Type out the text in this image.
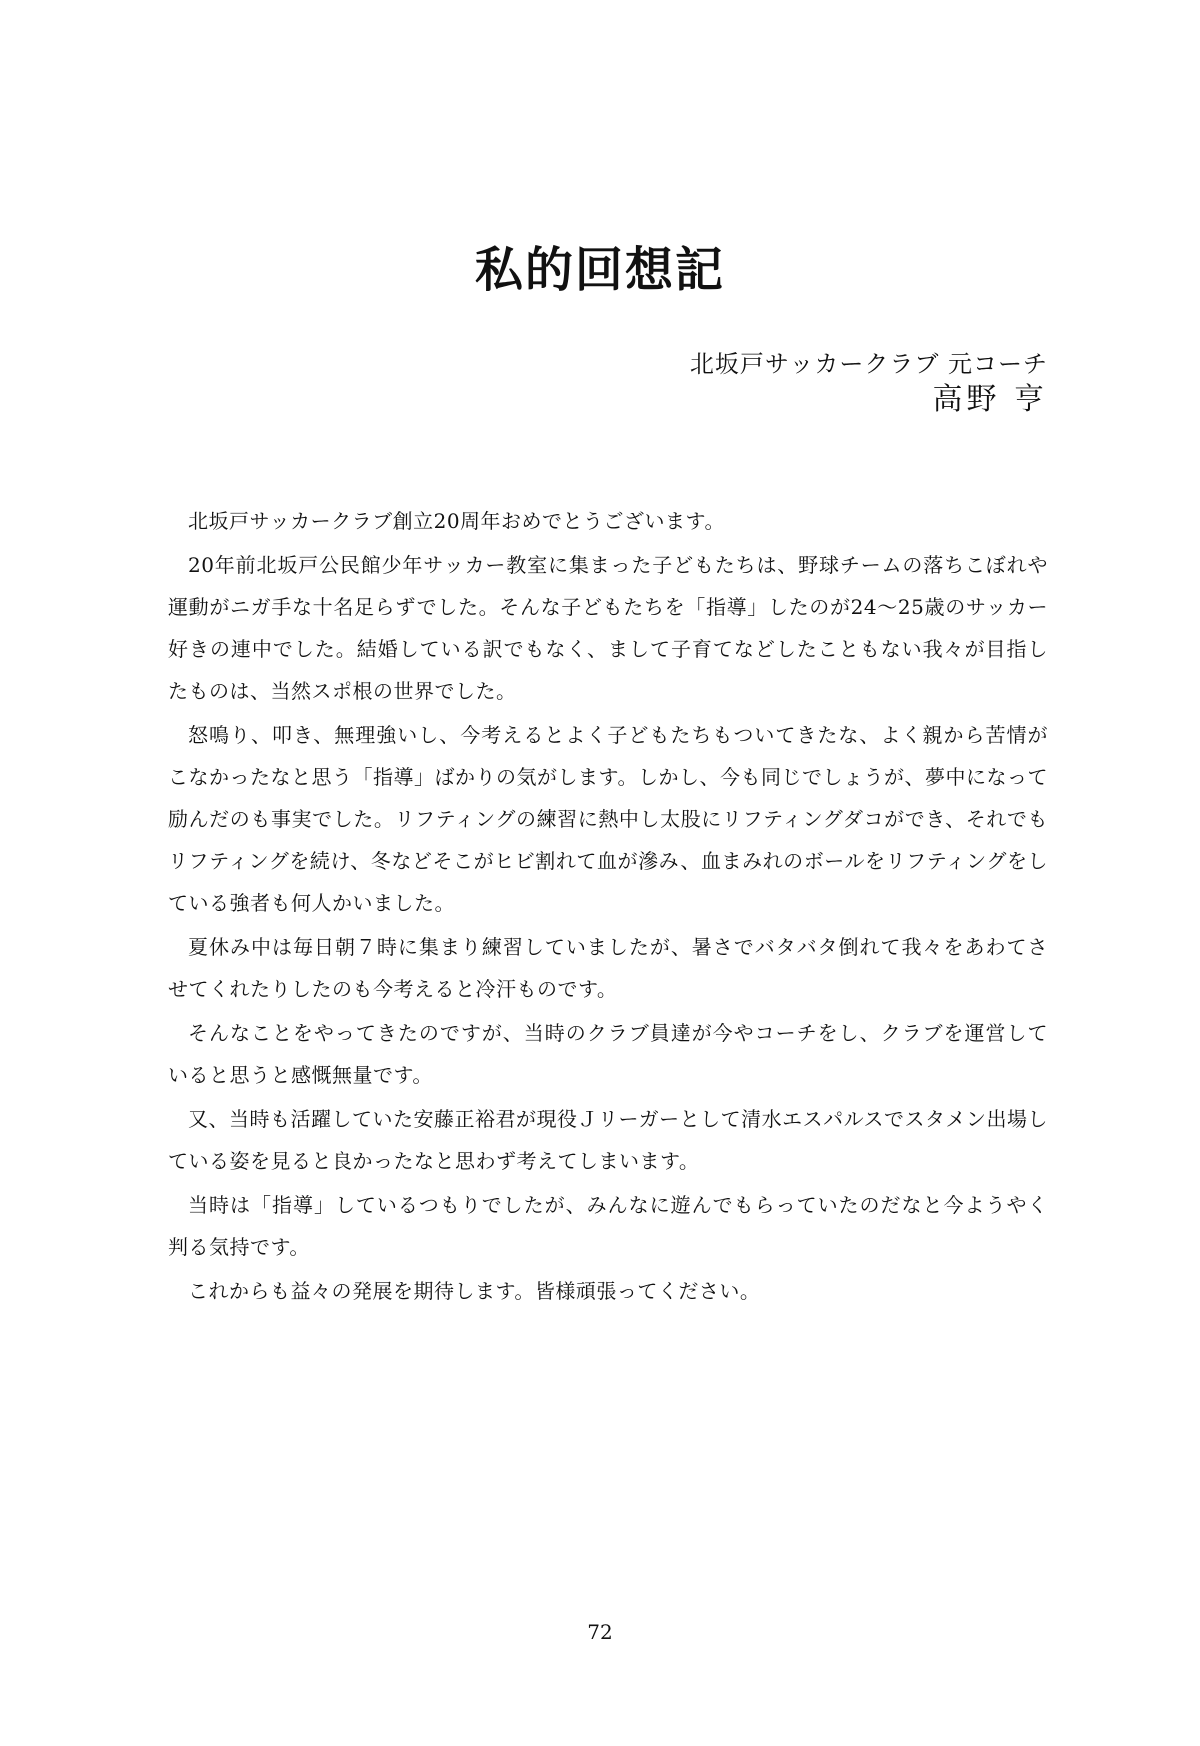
私的回想記
北坂戸サッカークラブ 元コーチ
高野 亨

北坂戸サッカークラブ創立20周年おめでとうございます。

20年前北坂戸公民館少年サッカー教室に集まった子どもたちは、野球チームの落ちこぼれや運動がニガ手な十名足らずでした。そんな子どもたちを「指導」したのが24～25歳のサッカー好きの連中でした。結婚している訳でもなく、まして子育てなどしたこともない我々が目指したものは、当然スポ根の世界でした。

怒鳴り、叩き、無理強いし、今考えるとよく子どもたちもついてきたな、よく親から苦情がこなかったなと思う「指導」ばかりの気がします。しかし、今も同じでしょうが、夢中になって励んだのも事実でした。リフティングの練習に熱中し太股にリフティングダコができ、それでもリフティングを続け、冬などそこがヒビ割れて血が滲み、血まみれのボールをリフティングをしている強者も何人かいました。

夏休み中は毎日朝７時に集まり練習していましたが、暑さでバタバタ倒れて我々をあわてさせてくれたりしたのも今考えると冷汗ものです。

そんなことをやってきたのですが、当時のクラブ員達が今やコーチをし、クラブを運営していると思うと感慨無量です。

又、当時も活躍していた安藤正裕君が現役Ｊリーガーとして清水エスパルスでスタメン出場している姿を見ると良かったなと思わず考えてしまいます。

当時は「指導」しているつもりでしたが、みんなに遊んでもらっていたのだなと今ようやく判る気持です。

これからも益々の発展を期待します。皆様頑張ってください。

72
